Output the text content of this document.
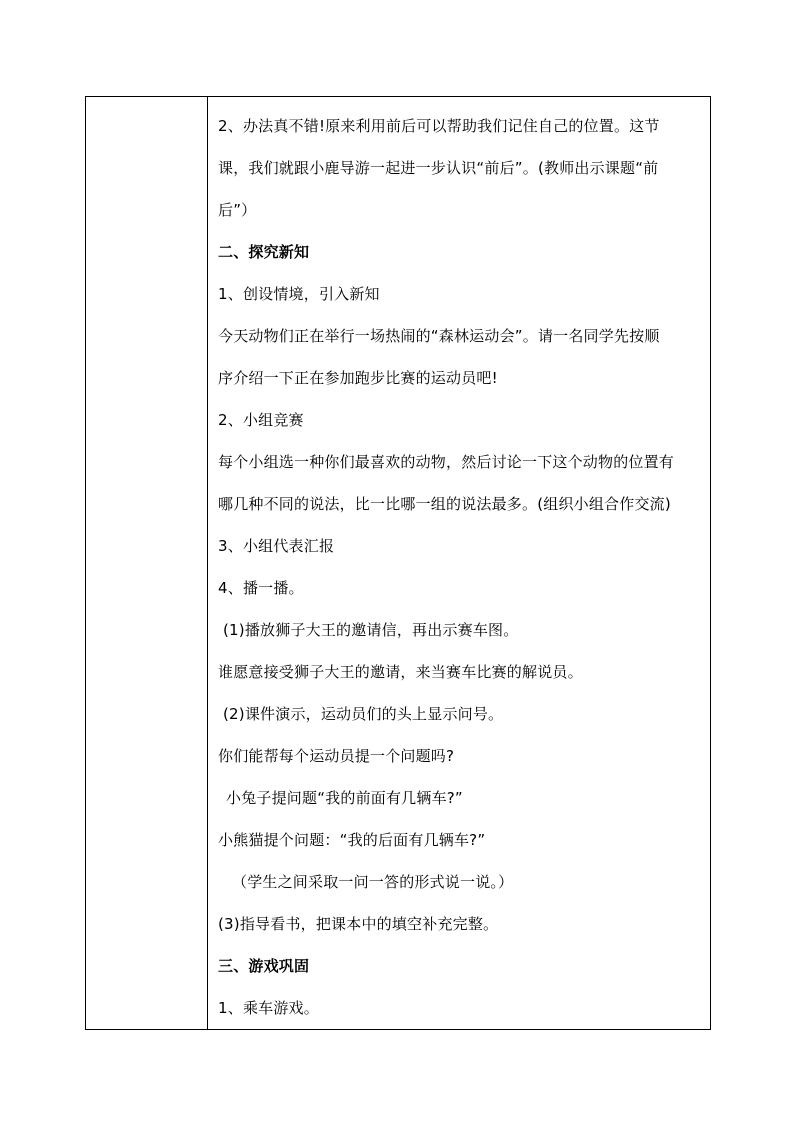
2、办法真不错!原来利用前后可以帮助我们记住自己的位置。这节
课，我们就跟小鹿导游一起进一步认识“前后”。(教师出示课题“前
后”）
二、探究新知
1、创设情境，引入新知
今天动物们正在举行一场热闹的“森林运动会”。请一名同学先按顺
序介绍一下正在参加跑步比赛的运动员吧!
2、小组竞赛
每个小组选一种你们最喜欢的动物，然后讨论一下这个动物的位置有
哪几种不同的说法，比一比哪一组的说法最多。(组织小组合作交流)
3、小组代表汇报
4、播一播。
(1)播放狮子大王的邀请信，再出示赛车图。
谁愿意接受狮子大王的邀请，来当赛车比赛的解说员。
(2)课件演示，运动员们的头上显示问号。
你们能帮每个运动员提一个问题吗?
小兔子提问题“我的前面有几辆车?”
小熊猫提个问题：“我的后面有几辆车?”
（学生之间采取一问一答的形式说一说。）
(3)指导看书，把课本中的填空补充完整。
三、游戏巩固
1、乘车游戏。
